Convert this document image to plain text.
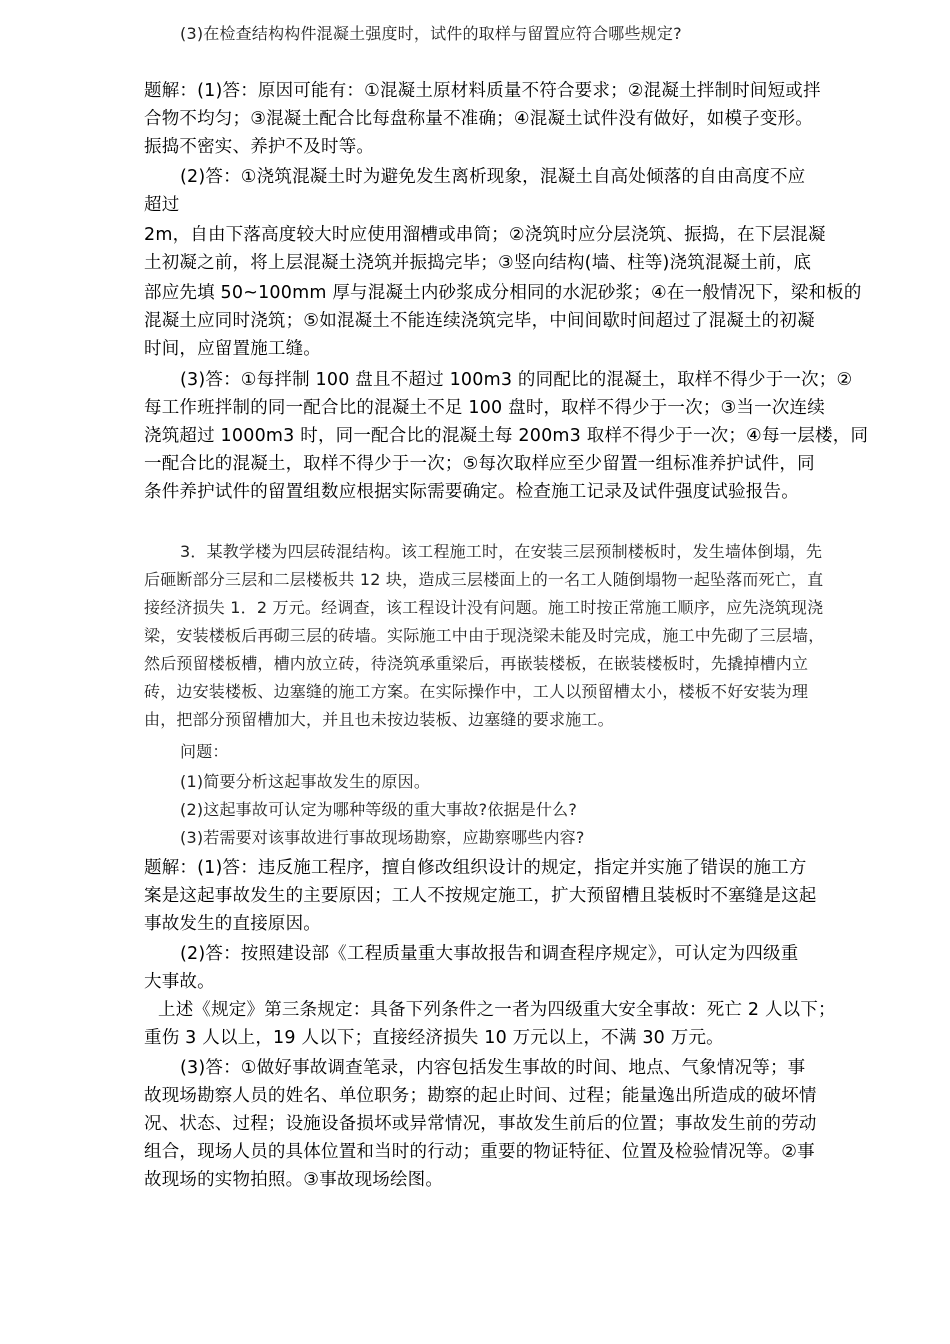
(3)在检查结构构件混凝土强度时，试件的取样与留置应符合哪些规定?
题解：(1)答：原因可能有：①混凝土原材料质量不符合要求；②混凝土拌制时间短或拌
合物不均匀；③混凝土配合比每盘称量不准确；④混凝土试件没有做好，如模子变形。
振捣不密实、养护不及时等。
(2)答：①浇筑混凝土时为避免发生离析现象，混凝土自高处倾落的自由高度不应
超过
2m，自由下落高度较大时应使用溜槽或串筒；②浇筑时应分层浇筑、振捣，在下层混凝
土初凝之前，将上层混凝土浇筑并振捣完毕；③竖向结构(墙、柱等)浇筑混凝土前，底
部应先填 50~100mm 厚与混凝土内砂浆成分相同的水泥砂浆；④在一般情况下，梁和板的
混凝土应同时浇筑；⑤如混凝土不能连续浇筑完毕，中间间歇时间超过了混凝土的初凝
时间，应留置施工缝。
(3)答：①每拌制 100 盘且不超过 100m3 的同配比的混凝土，取样不得少于一次；②
每工作班拌制的同一配合比的混凝土不足 100 盘时，取样不得少于一次；③当一次连续
浇筑超过 1000m3 时，同一配合比的混凝土每 200m3 取样不得少于一次；④每一层楼，同
一配合比的混凝土，取样不得少于一次；⑤每次取样应至少留置一组标准养护试件，同
条件养护试件的留置组数应根据实际需要确定。检查施工记录及试件强度试验报告。
3．某教学楼为四层砖混结构。该工程施工时，在安装三层预制楼板时，发生墙体倒塌，先
后砸断部分三层和二层楼板共 12 块，造成三层楼面上的一名工人随倒塌物一起坠落而死亡，直
接经济损失 1．2 万元。经调查，该工程设计没有问题。施工时按正常施工顺序，应先浇筑现浇
梁，安装楼板后再砌三层的砖墙。实际施工中由于现浇梁未能及时完成，施工中先砌了三层墙，
然后预留楼板槽，槽内放立砖，待浇筑承重梁后，再嵌装楼板，在嵌装楼板时，先撬掉槽内立
砖，边安装楼板、边塞缝的施工方案。在实际操作中，工人以预留槽太小，楼板不好安装为理
由，把部分预留槽加大，并且也未按边装板、边塞缝的要求施工。
问题：
(1)简要分析这起事故发生的原因。
(2)这起事故可认定为哪种等级的重大事故?依据是什么?
(3)若需要对该事故进行事故现场勘察，应勘察哪些内容?
题解：(1)答：违反施工程序，擅自修改组织设计的规定，指定并实施了错误的施工方
案是这起事故发生的主要原因；工人不按规定施工，扩大预留槽且装板时不塞缝是这起
事故发生的直接原因。
(2)答：按照建设部《工程质量重大事故报告和调查程序规定》，可认定为四级重
大事故。
上述《规定》第三条规定：具备下列条件之一者为四级重大安全事故：死亡 2 人以下；
重伤 3 人以上，19 人以下；直接经济损失 10 万元以上，不满 30 万元。
(3)答：①做好事故调查笔录，内容包括发生事故的时间、地点、气象情况等；事
故现场勘察人员的姓名、单位职务；勘察的起止时间、过程；能量逸出所造成的破坏情
况、状态、过程；设施设备损坏或异常情况，事故发生前后的位置；事故发生前的劳动
组合，现场人员的具体位置和当时的行动；重要的物证特征、位置及检验情况等。②事
故现场的实物拍照。③事故现场绘图。
